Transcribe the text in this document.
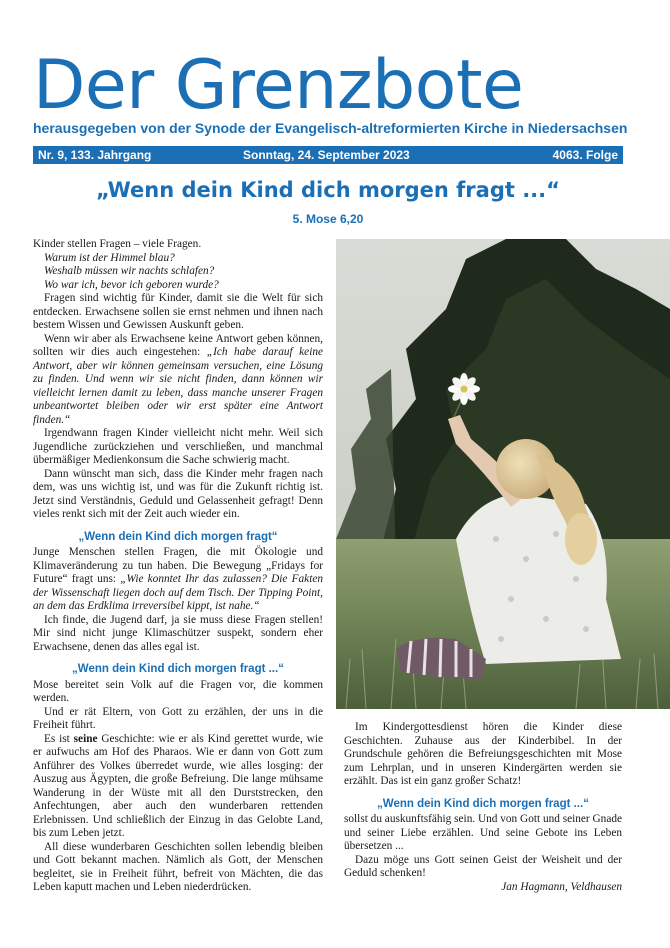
Der Grenzbote
herausgegeben von der Synode der Evangelisch-altreformierten Kirche in Niedersachsen
Nr. 9, 133. Jahrgang	Sonntag, 24. September 2023	4063. Folge
„Wenn dein Kind dich morgen fragt ...“
5. Mose 6,20

Kinder stellen Fragen – viele Fragen.

Warum ist der Himmel blau?

Weshalb müssen wir nachts schlafen?

Wo war ich, bevor ich geboren wurde?

Fragen sind wichtig für Kinder, damit sie die Welt für sich entdecken. Erwachsene sollen sie ernst nehmen und ihnen nach bestem Wissen und Gewissen Auskunft geben.

Wenn wir aber als Erwachsene keine Antwort geben können, sollten wir dies auch eingestehen: „Ich habe darauf keine Antwort, aber wir können gemeinsam versuchen, eine Lösung zu finden. Und wenn wir sie nicht finden, dann können wir vielleicht lernen damit zu leben, dass manche unserer Fragen unbeantwortet bleiben oder wir erst später eine Antwort finden.“

Irgendwann fragen Kinder vielleicht nicht mehr. Weil sich Jugendliche zurückziehen und verschließen, und manchmal übermäßiger Medienkonsum die Sache schwierig macht.

Dann wünscht man sich, dass die Kinder mehr fragen nach dem, was uns wichtig ist, und was für die Zukunft richtig ist. Jetzt sind Verständnis, Geduld und Gelassenheit gefragt! Denn vieles renkt sich mit der Zeit auch wieder ein.

„Wenn dein Kind dich morgen fragt“

Junge Menschen stellen Fragen, die mit Ökologie und Klimaveränderung zu tun haben. Die Bewegung „Fridays for Future“ fragt uns: „Wie konntet Ihr das zulassen? Die Fakten der Wissenschaft liegen doch auf dem Tisch. Der Tipping Point, an dem das Erdklima irreversibel kippt, ist nahe.“

Ich finde, die Jugend darf, ja sie muss diese Fragen stellen! Mir sind nicht junge Klimaschützer suspekt, sondern eher Erwachsene, denen das alles egal ist.

„Wenn dein Kind dich morgen fragt ...“

Mose bereitet sein Volk auf die Fragen vor, die kommen werden.

Und er rät Eltern, von Gott zu erzählen, der uns in die Freiheit führt.

Es ist seine Geschichte: wie er als Kind gerettet wurde, wie er aufwuchs am Hof des Pharaos. Wie er dann von Gott zum Anführer des Volkes überredet wurde, wie alles losging: der Auszug aus Ägypten, die große Befreiung. Die lange mühsame Wanderung in der Wüste mit all den Durststrecken, den Anfechtungen, aber auch den wunderbaren rettenden Erlebnissen. Und schließlich der Einzug in das Gelobte Land, bis zum Leben jetzt.

All diese wunderbaren Geschichten sollen lebendig bleiben und Gott bekannt machen. Nämlich als Gott, der Menschen begleitet, sie in Freiheit führt, befreit von Mächten, die das Leben kaputt machen und Leben niederdrücken.

Im Kindergottesdienst hören die Kinder diese Geschichten. Zuhause aus der Kinderbibel. In der Grundschule gehören die Befreiungsgeschichten mit Mose zum Lehrplan, und in unseren Kindergärten werden sie erzählt. Das ist ein ganz großer Schatz!

„Wenn dein Kind dich morgen fragt ...“

sollst du auskunftsfähig sein. Und von Gott und seiner Gnade und seiner Liebe erzählen. Und seine Gebote ins Leben übersetzen ...

Dazu möge uns Gott seinen Geist der Weisheit und der Geduld schenken!

Jan Hagmann, Veldhausen
